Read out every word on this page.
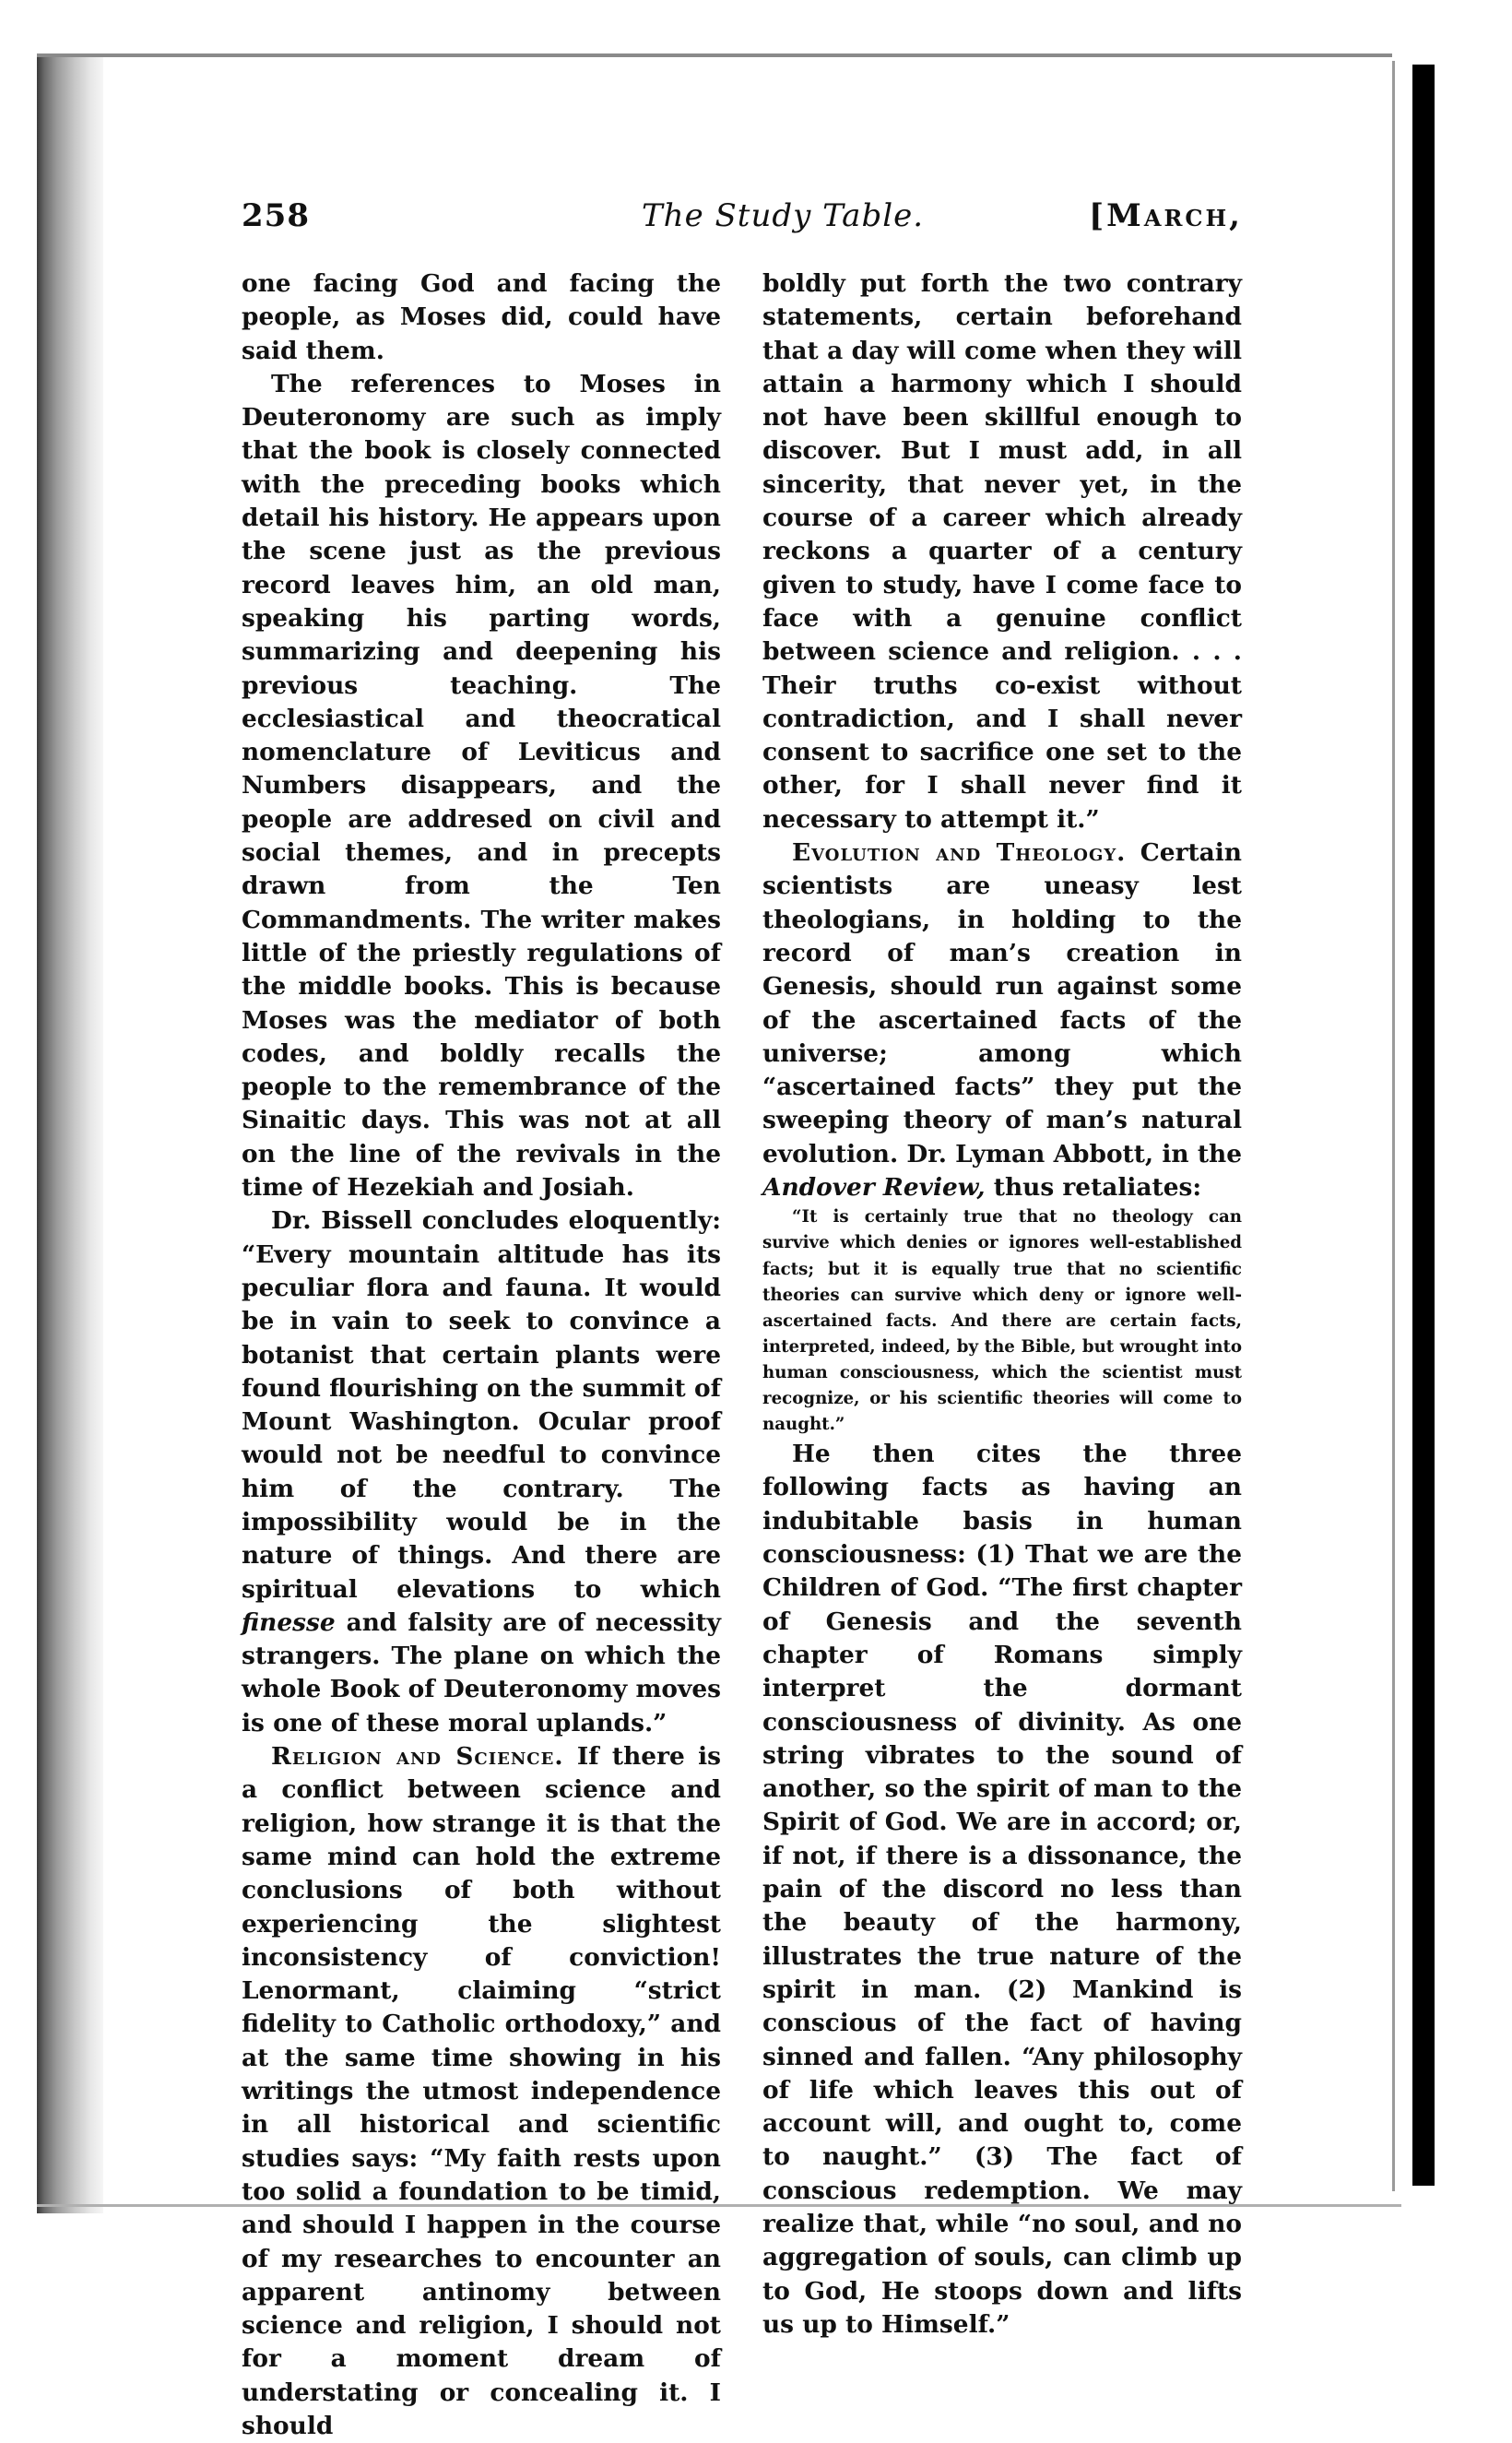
258	The Study Table.	[March,

one facing God and facing the people, as Moses did, could have said them.

The references to Moses in Deuteronomy are such as imply that the book is closely connected with the preceding books which detail his history. He appears upon the scene just as the previous record leaves him, an old man, speaking his parting words, summarizing and deepening his previous teaching. The ecclesiastical and theocratical nomenclature of Leviticus and Numbers disappears, and the people are addresed on civil and social themes, and in precepts drawn from the Ten Commandments. The writer makes little of the priestly regulations of the middle books. This is because Moses was the mediator of both codes, and boldly recalls the people to the remembrance of the Sinaitic days. This was not at all on the line of the revivals in the time of Hezekiah and Josiah.

Dr. Bissell concludes eloquently: “Every mountain altitude has its peculiar flora and fauna. It would be in vain to seek to convince a botanist that certain plants were found flourishing on the summit of Mount Washington. Ocular proof would not be needful to convince him of the contrary. The impossibility would be in the nature of things. And there are spiritual elevations to which finesse and falsity are of necessity strangers. The plane on which the whole Book of Deuteronomy moves is one of these moral uplands.”

Religion and Science. If there is a conflict between science and religion, how strange it is that the same mind can hold the extreme conclusions of both without experiencing the slightest inconsistency of conviction! Lenormant, claiming “strict fidelity to Catholic orthodoxy,” and at the same time showing in his writings the utmost independence in all historical and scientific studies says: “My faith rests upon too solid a foundation to be timid, and should I happen in the course of my researches to encounter an apparent antinomy between science and religion, I should not for a moment dream of understating or concealing it. I should

boldly put forth the two contrary statements, certain beforehand that a day will come when they will attain a harmony which I should not have been skillful enough to discover. But I must add, in all sincerity, that never yet, in the course of a career which already reckons a quarter of a century given to study, have I come face to face with a genuine conflict between science and religion. . . . Their truths co-exist without contradiction, and I shall never consent to sacrifice one set to the other, for I shall never find it necessary to attempt it.”

Evolution and Theology. Certain scientists are uneasy lest theologians, in holding to the record of man’s creation in Genesis, should run against some of the ascertained facts of the universe; among which “ascertained facts” they put the sweeping theory of man’s natural evolution. Dr. Lyman Abbott, in the Andover Review, thus retaliates:

“It is certainly true that no theology can survive which denies or ignores well-established facts; but it is equally true that no scientific theories can survive which deny or ignore well-ascertained facts. And there are certain facts, interpreted, indeed, by the Bible, but wrought into human consciousness, which the scientist must recognize, or his scientific theories will come to naught.”

He then cites the three following facts as having an indubitable basis in human consciousness: (1) That we are the Children of God. “The first chapter of Genesis and the seventh chapter of Romans simply interpret the dormant consciousness of divinity. As one string vibrates to the sound of another, so the spirit of man to the Spirit of God. We are in accord; or, if not, if there is a dissonance, the pain of the discord no less than the beauty of the harmony, illustrates the true nature of the spirit in man. (2) Mankind is conscious of the fact of having sinned and fallen. “Any philosophy of life which leaves this out of account will, and ought to, come to naught.” (3) The fact of conscious redemption. We may realize that, while “no soul, and no aggregation of souls, can climb up to God, He stoops down and lifts us up to Himself.”
